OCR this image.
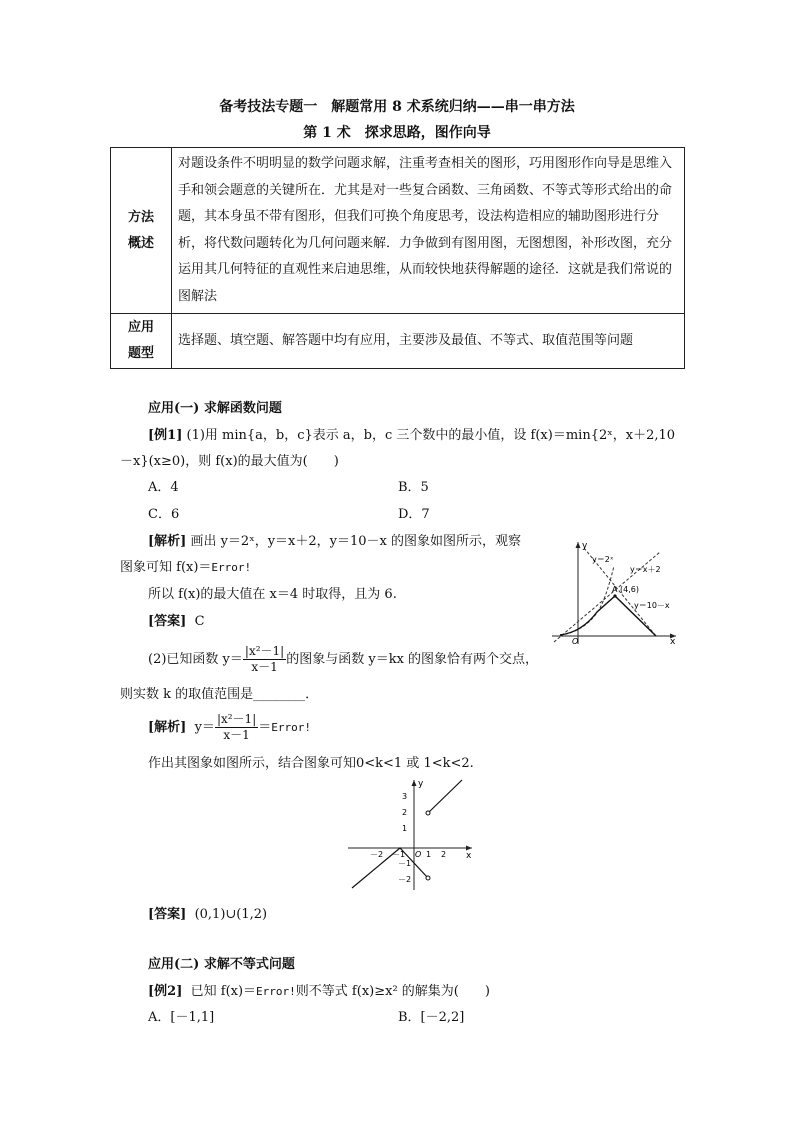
备考技法专题一　解题常用 8 术系统归纳——串一串方法
第 1 术　探求思路，图作向导
方法
概述	对题设条件不明明显的数学问题求解，注重考查相关的图形，巧用图形作向导是思维入手和领会题意的关键所在．尤其是对一些复合函数、三角函数、不等式等形式给出的命题，其本身虽不带有图形，但我们可换个角度思考，设法构造相应的辅助图形进行分析，将代数问题转化为几何问题来解．力争做到有图用图，无图想图，补形改图，充分运用其几何特征的直观性来启迪思维，从而较快地获得解题的途径．这就是我们常说的图解法
应用
题型	选择题、填空题、解答题中均有应用，主要涉及最值、不等式、取值范围等问题
应用(一) 求解函数问题
[例1] (1)用 min{a，b，c}表示 a，b，c 三个数中的最小值，设 f(x)＝min{2ˣ，x＋2,10
－x}(x≥0)，则 f(x)的最大值为(　　)
A．4	B．5
C．6	D．7
[解析] 画出 y＝2ˣ，y＝x＋2，y＝10－x 的图象如图所示，观察
图象可知 f(x)＝Error!
所以 f(x)的最大值在 x＝4 时取得，且为 6.
[答案] C
y
x
O
y＝2ˣ
y＝x＋2
A (4,6)
y＝10－x
(2)已知函数 $y= \frac{\text{|x²－1|}}{x-1}$ 的图象与函数 y＝kx 的图象恰有两个交点，
则实数 k 的取值范围是________．
[解析] $y= \frac{\text{|x²－1|}}{x-1}$ ＝Error!
作出其图象如图所示，结合图象可知0<k<1 或 1<k<2.
y
x
O
3
2
1
－1
－2
－2 －1	1 2
[答案] (0,1)∪(1,2)
应用(二) 求解不等式问题
[例2] 已知 f(x)＝Error!则不等式 f(x)≥x² 的解集为(　　)
A．[－1,1]	B．[－2,2]
